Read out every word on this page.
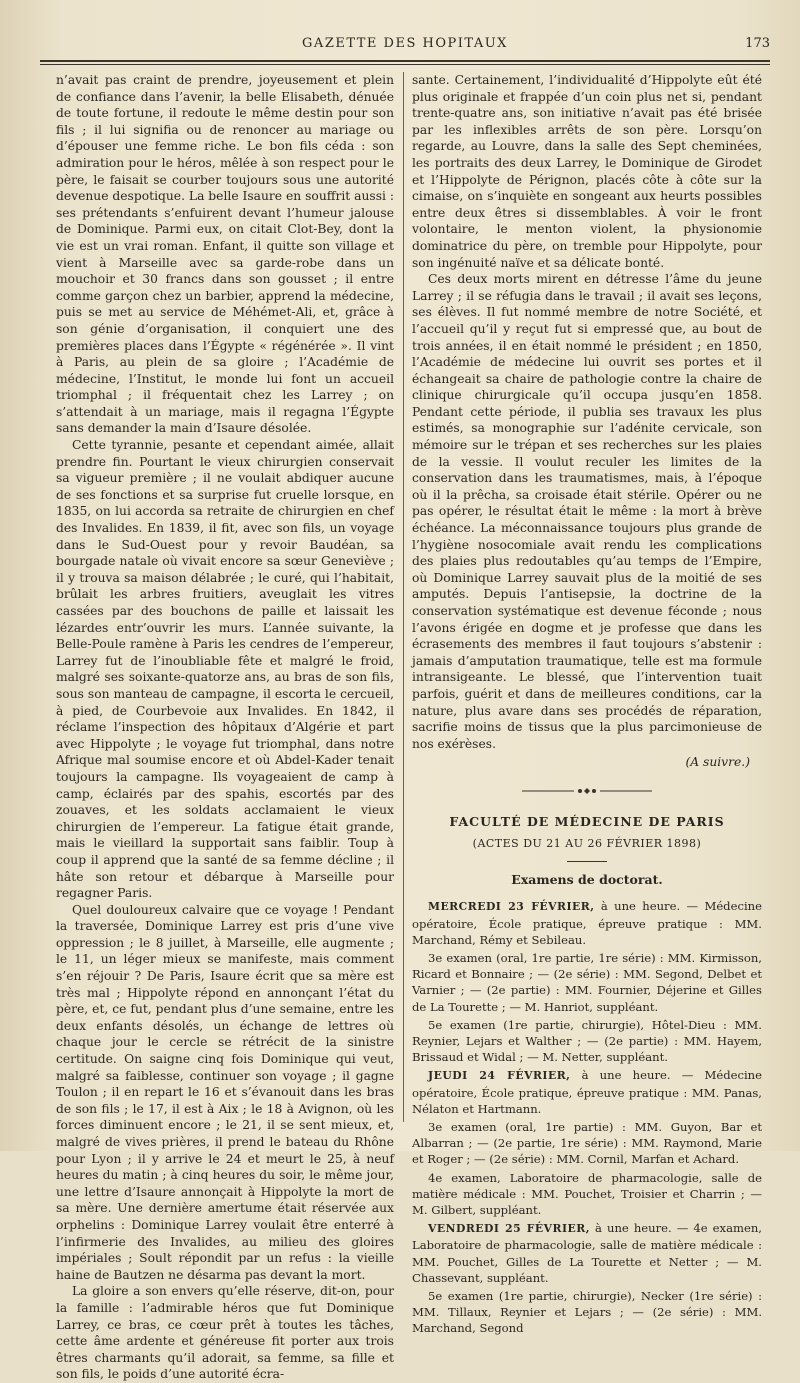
GAZETTE DES HOPITAUX	173

n’avait pas craint de prendre, joyeusement et plein de confiance dans l’avenir, la belle Elisabeth, dénuée de toute fortune, il redoute le même destin pour son fils ; il lui signifia ou de renoncer au mariage ou d’épouser une femme riche. Le bon fils céda : son admiration pour le héros, mêlée à son respect pour le père, le faisait se courber toujours sous une autorité devenue despotique. La belle Isaure en souffrit aussi : ses prétendants s’enfuirent devant l’humeur jalouse de Dominique. Parmi eux, on citait Clot-Bey, dont la vie est un vrai roman. Enfant, il quitte son village et vient à Marseille avec sa garde-robe dans un mouchoir et 30 francs dans son gousset ; il entre comme garçon chez un barbier, apprend la médecine, puis se met au service de Méhémet-Ali, et, grâce à son génie d’organisation, il conquiert une des premières places dans l’Égypte « régénérée ». Il vint à Paris, au plein de sa gloire ; l’Académie de médecine, l’Institut, le monde lui font un accueil triomphal ; il fréquentait chez les Larrey ; on s’attendait à un mariage, mais il regagna l’Égypte sans demander la main d’Isaure désolée.

Cette tyrannie, pesante et cependant aimée, allait prendre fin. Pourtant le vieux chirurgien conservait sa vigueur première ; il ne voulait abdiquer aucune de ses fonctions et sa surprise fut cruelle lorsque, en 1835, on lui accorda sa retraite de chirurgien en chef des Invalides. En 1839, il fit, avec son fils, un voyage dans le Sud-Ouest pour y revoir Baudéan, sa bourgade natale où vivait encore sa sœur Geneviève ; il y trouva sa maison délabrée ; le curé, qui l’habitait, brûlait les arbres fruitiers, aveuglait les vitres cassées par des bouchons de paille et laissait les lézardes entr’ouvrir les murs. L’année suivante, la Belle-Poule ramène à Paris les cendres de l’empereur, Larrey fut de l’inoubliable fête et malgré le froid, malgré ses soixante-quatorze ans, au bras de son fils, sous son manteau de campagne, il escorta le cercueil, à pied, de Courbevoie aux Invalides. En 1842, il réclame l’inspection des hôpitaux d’Algérie et part avec Hippolyte ; le voyage fut triomphal, dans notre Afrique mal soumise encore et où Abdel-Kader tenait toujours la campagne. Ils voyageaient de camp à camp, éclairés par des spahis, escortés par des zouaves, et les soldats acclamaient le vieux chirurgien de l’empereur. La fatigue était grande, mais le vieillard la supportait sans faiblir. Toup à coup il apprend que la santé de sa femme décline ; il hâte son retour et débarque à Marseille pour regagner Paris.

Quel douloureux calvaire que ce voyage ! Pendant la traversée, Dominique Larrey est pris d’une vive oppression ; le 8 juillet, à Marseille, elle augmente ; le 11, un léger mieux se manifeste, mais comment s’en réjouir ? De Paris, Isaure écrit que sa mère est très mal ; Hippolyte répond en annonçant l’état du père, et, ce fut, pendant plus d’une semaine, entre les deux enfants désolés, un échange de lettres où chaque jour le cercle se rétrécit de la sinistre certitude. On saigne cinq fois Dominique qui veut, malgré sa faiblesse, continuer son voyage ; il gagne Toulon ; il en repart le 16 et s’évanouit dans les bras de son fils ; le 17, il est à Aix ; le 18 à Avignon, où les forces diminuent encore ; le 21, il se sent mieux, et, malgré de vives prières, il prend le bateau du Rhône pour Lyon ; il y arrive le 24 et meurt le 25, à neuf heures du matin ; à cinq heures du soir, le même jour, une lettre d’Isaure annonçait à Hippolyte la mort de sa mère. Une dernière amertume était réservée aux orphelins : Dominique Larrey voulait être enterré à l’infirmerie des Invalides, au milieu des gloires impériales ; Soult répondit par un refus : la vieille haine de Bautzen ne désarma pas devant la mort.

La gloire a son envers qu’elle réserve, dit-on, pour la famille : l’admirable héros que fut Dominique Larrey, ce bras, ce cœur prêt à toutes les tâches, cette âme ardente et généreuse fit porter aux trois êtres charmants qu’il adorait, sa femme, sa fille et son fils, le poids d’une autorité écra-

sante. Certainement, l’individualité d’Hippolyte eût été plus originale et frappée d’un coin plus net si, pendant trente-quatre ans, son initiative n’avait pas été brisée par les inflexibles arrêts de son père. Lorsqu’on regarde, au Louvre, dans la salle des Sept cheminées, les portraits des deux Larrey, le Dominique de Girodet et l’Hippolyte de Pérignon, placés côte à côte sur la cimaise, on s’inquiète en songeant aux heurts possibles entre deux êtres si dissemblables. À voir le front volontaire, le menton violent, la physionomie dominatrice du père, on tremble pour Hippolyte, pour son ingénuité naïve et sa délicate bonté.

Ces deux morts mirent en détresse l’âme du jeune Larrey ; il se réfugia dans le travail ; il avait ses leçons, ses élèves. Il fut nommé membre de notre Société, et l’accueil qu’il y reçut fut si empressé que, au bout de trois années, il en était nommé le président ; en 1850, l’Académie de médecine lui ouvrit ses portes et il échangeait sa chaire de pathologie contre la chaire de clinique chirurgicale qu’il occupa jusqu’en 1858. Pendant cette période, il publia ses travaux les plus estimés, sa monographie sur l’adénite cervicale, son mémoire sur le trépan et ses recherches sur les plaies de la vessie. Il voulut reculer les limites de la conservation dans les traumatismes, mais, à l’époque où il la prêcha, sa croisade était stérile. Opérer ou ne pas opérer, le résultat était le même : la mort à brève échéance. La méconnaissance toujours plus grande de l’hygiène nosocomiale avait rendu les complications des plaies plus redoutables qu’au temps de l’Empire, où Dominique Larrey sauvait plus de la moitié de ses amputés. Depuis l’antisepsie, la doctrine de la conservation systématique est devenue féconde ; nous l’avons érigée en dogme et je professe que dans les écrasements des membres il faut toujours s’abstenir : jamais d’amputation traumatique, telle est ma formule intransigeante. Le blessé, que l’intervention tuait parfois, guérit et dans de meilleures conditions, car la nature, plus avare dans ses procédés de réparation, sacrifie moins de tissus que la plus parcimonieuse de nos exérèses.

(A suivre.)

FACULTÉ DE MÉDECINE DE PARIS
(ACTES DU 21 AU 26 FÉVRIER 1898)
Examens de doctorat.

MERCREDI 23 FÉVRIER, à une heure. — Médecine opératoire, École pratique, épreuve pratique : MM. Marchand, Rémy et Sebileau.

3e examen (oral, 1re partie, 1re série) : MM. Kirmisson, Ricard et Bonnaire ; — (2e série) : MM. Segond, Delbet et Varnier ; — (2e partie) : MM. Fournier, Déjerine et Gilles de La Tourette ; — M. Hanriot, suppléant.

5e examen (1re partie, chirurgie), Hôtel-Dieu : MM. Reynier, Lejars et Walther ; — (2e partie) : MM. Hayem, Brissaud et Widal ; — M. Netter, suppléant.

JEUDI 24 FÉVRIER, à une heure. — Médecine opératoire, École pratique, épreuve pratique : MM. Panas, Nélaton et Hartmann.

3e examen (oral, 1re partie) : MM. Guyon, Bar et Albarran ; — (2e partie, 1re série) : MM. Raymond, Marie et Roger ; — (2e série) : MM. Cornil, Marfan et Achard.

4e examen, Laboratoire de pharmacologie, salle de matière médicale : MM. Pouchet, Troisier et Charrin ; — M. Gilbert, suppléant.

VENDREDI 25 FÉVRIER, à une heure. — 4e examen, Laboratoire de pharmacologie, salle de matière médicale : MM. Pouchet, Gilles de La Tourette et Netter ; — M. Chassevant, suppléant.

5e examen (1re partie, chirurgie), Necker (1re série) : MM. Tillaux, Reynier et Lejars ; — (2e série) : MM. Marchand, Segond
